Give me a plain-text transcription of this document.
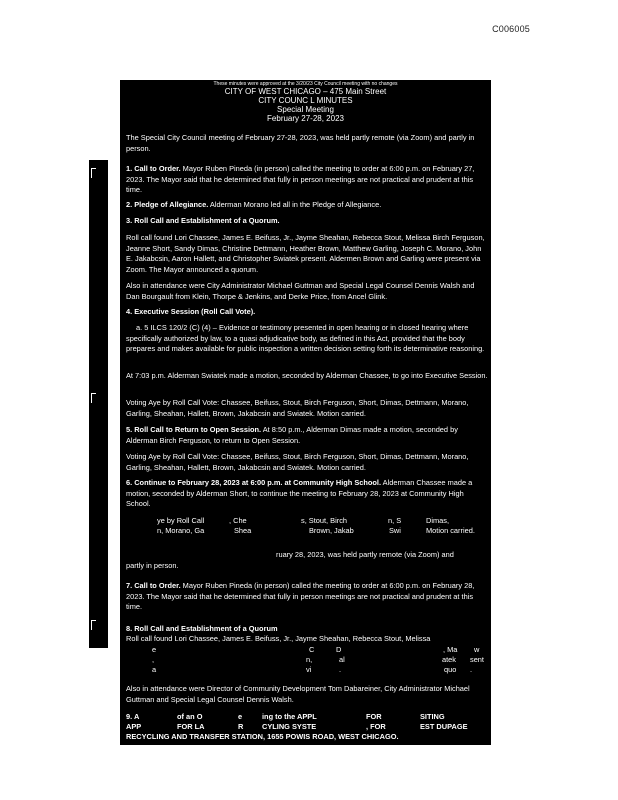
C006005
These minutes were approved at the 3/20/23 City Council meeting with no changes
CITY OF WEST CHICAGO – 475 Main Street
CITY COUNC L MINUTES
Special Meeting
February 27-28, 2023

The Special City Council meeting of February 27-28, 2023, was held partly remote (via Zoom) and partly in person.

1. Call to Order. Mayor Ruben Pineda (in person) called the meeting to order at 6:00 p.m. on February 27, 2023. The Mayor said that he determined that fully in person meetings are not practical and prudent at this time.

2. Pledge of Allegiance. Alderman Morano led all in the Pledge of Allegiance.

3. Roll Call and Establishment of a Quorum.

Roll call found Lori Chassee, James E. Beifuss, Jr., Jayme Sheahan, Rebecca Stout, Melissa Birch Ferguson, Jeanne Short, Sandy Dimas, Christine Dettmann, Heather Brown, Matthew Garling, Joseph C. Morano, John E. Jakabcsin, Aaron Hallett, and Christopher Swiatek present. Aldermen Brown and Garling were present via Zoom. The Mayor announced a quorum.

Also in attendance were City Administrator Michael Guttman and Special Legal Counsel Dennis Walsh and Dan Bourgault from Klein, Thorpe & Jenkins, and Derke Price, from Ancel Glink.

4. Executive Session (Roll Call Vote).

a. 5 ILCS 120/2 (C) (4) – Evidence or testimony presented in open hearing or in closed hearing where specifically authorized by law, to a quasi adjudicative body, as defined in this Act, provided that the body prepares and makes available for public inspection a written decision setting forth its determinative reasoning.

At 7:03 p.m. Alderman Swiatek made a motion, seconded by Alderman Chassee, to go into Executive Session.

Voting Aye by Roll Call Vote: Chassee, Beifuss, Stout, Birch Ferguson, Short, Dimas, Dettmann, Morano, Garling, Sheahan, Hallett, Brown, Jakabcsin and Swiatek. Motion carried.

5. Roll Call to Return to Open Session. At 8:50 p.m., Alderman Dimas made a motion, seconded by Alderman Birch Ferguson, to return to Open Session.

Voting Aye by Roll Call Vote: Chassee, Beifuss, Stout, Birch Ferguson, Short, Dimas, Dettmann, Morano, Garling, Sheahan, Hallett, Brown, Jakabcsin and Swiatek. Motion carried.

6. Continue to February 28, 2023 at 6:00 p.m. at Community High School. Alderman Chassee made a motion, seconded by Alderman Short, to continue the meeting to February 28, 2023 at Community High School.

ye by Roll Call	, Che	s, Stout, Birch	n, S	Dimas,
n, Morano, Ga	Shea	Brown, Jakab	Swi	Motion carried.
ruary 28, 2023, was held partly remote (via Zoom) and
partly in person.

7. Call to Order. Mayor Ruben Pineda (in person) called the meeting to order at 6:00 p.m. on February 28, 2023. The Mayor said that he determined that fully in person meetings are not practical and prudent at this time.

8. Roll Call and Establishment of a Quorum

Roll call found Lori Chassee, James E. Beifuss, Jr., Jayme Sheahan, Rebecca Stout, Melissa

e	C	D	, Ma w
,	n,	al	atek sent
a	vi	.	quo .

Also in attendance were Director of Community Development Tom Dabareiner, City Administrator Michael Guttman and Special Legal Counsel Dennis Walsh.

9. A	of an O	e	ing to the APPL	FOR	SITING
APP	FOR LA	R	CYLING SYSTE	, FOR	EST DUPAGE
RECYCLING AND TRANSFER STATION, 1655 POWIS ROAD, WEST CHICAGO.
